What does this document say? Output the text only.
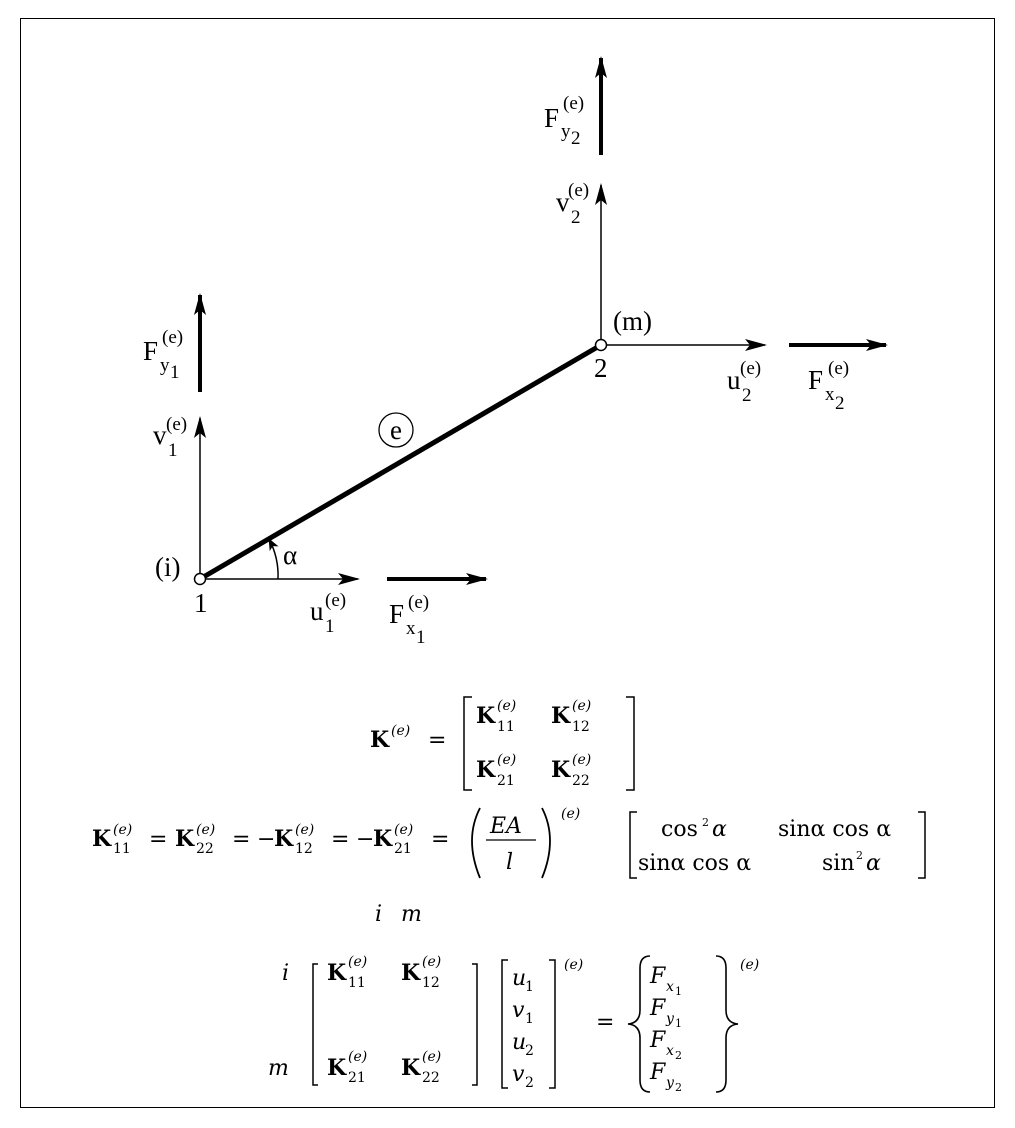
e
(i)
1
(m)
2
α
u
1
(e) F x 1
(e)
v
1
(e)
F y 1
(e)
v
2
(e)
F y 2
(e)
u
2
(e) F x 2
(e)
K (e) =
K (e)
11 K (e)
12
K (e)
21 K (e)
22
K (e)
11 = K (e)
22 = −
K (e)
12 = −
K (e)
21 =
EA
l
(e)
cos 2 α sinα cos α
sinα cos α	sin 2 α
i m
i
m
K (e)
11 K (e)
12
K (e)
21 K (e)
22
u
1
v 1
u
2
v 2
(e)
=
F x 1
F y 1
F x 2
F y 2
(e)
